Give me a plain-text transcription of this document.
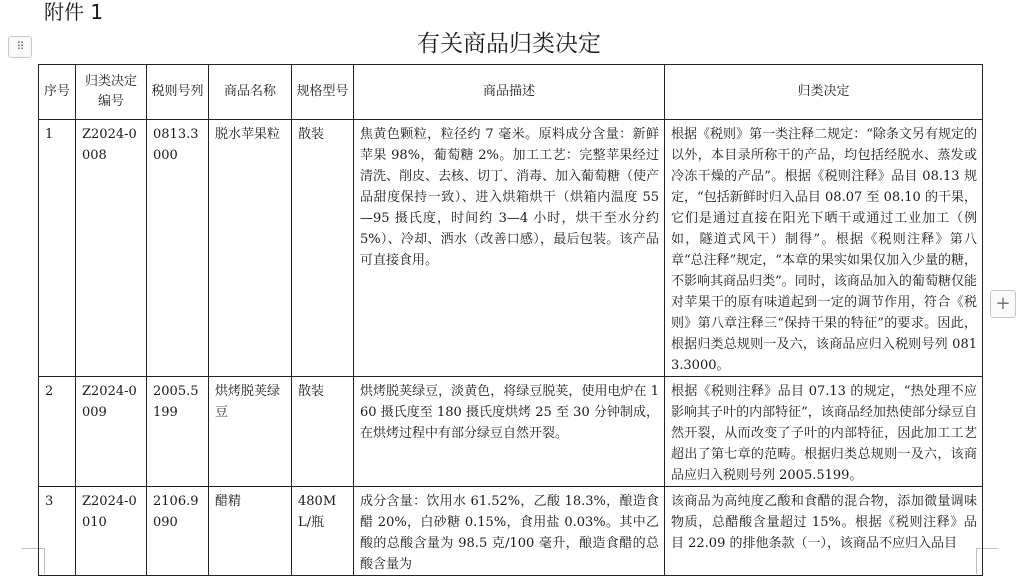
附件 1
⠿	有关商品归类决定
序号	归类决定编号	税则号列	商品名称	规格型号	商品描述	归类决定
1	Z2024-0008	0813.3000	脱水苹果粒	散装	焦黄色颗粒，粒径约 7 毫米。原料成分含量：新鲜苹果 98%，葡萄糖 2%。加工工艺：完整苹果经过清洗、削皮、去核、切丁、消毒、加入葡萄糖（使产品甜度保持一致）、进入烘箱烘干（烘箱内温度 55—95 摄氏度，时间约 3—4 小时，烘干至水分约 5%）、冷却、洒水（改善口感），最后包装。该产品可直接食用。	根据《税则》第一类注释二规定：“除条文另有规定的以外，本目录所称干的产品，均包括经脱水、蒸发或冷冻干燥的产品”。根据《税则注释》品目 08.13 规定，“包括新鲜时归入品目 08.07 至 08.10 的干果，它们是通过直接在阳光下晒干或通过工业加工（例如，隧道式风干）制得”。根据《税则注释》第八章“总注释”规定，“本章的果实如果仅加入少量的糖，不影响其商品归类”。同时，该商品加入的葡萄糖仅能对苹果干的原有味道起到一定的调节作用，符合《税则》第八章注释三“保持干果的特征”的要求。因此，根据归类总规则一及六，该商品应归入税则号列 0813.3000。
2	Z2024-0009	2005.5199	烘烤脱荚绿豆	散装	烘烤脱荚绿豆，淡黄色，将绿豆脱荚，使用电炉在 160 摄氏度至 180 摄氏度烘烤 25 至 30 分钟制成，在烘烤过程中有部分绿豆自然开裂。	根据《税则注释》品目 07.13 的规定，“热处理不应影响其子叶的内部特征”，该商品经加热使部分绿豆自然开裂，从而改变了子叶的内部特征，因此加工工艺超出了第七章的范畴。根据归类总规则一及六，该商品应归入税则号列 2005.5199。
3	Z2024-0010	2106.9090	醋精	480ML/瓶	成分含量：饮用水 61.52%，乙酸 18.3%，酿造食醋 20%，白砂糖 0.15%，食用盐 0.03%。其中乙酸的总酸含量为 98.5 克/100 毫升，酿造食醋的总酸含量为	该商品为高纯度乙酸和食醋的混合物，添加微量调味物质，总醋酸含量超过 15%。根据《税则注释》品目 22.09 的排他条款（一），该商品不应归入品目
+
